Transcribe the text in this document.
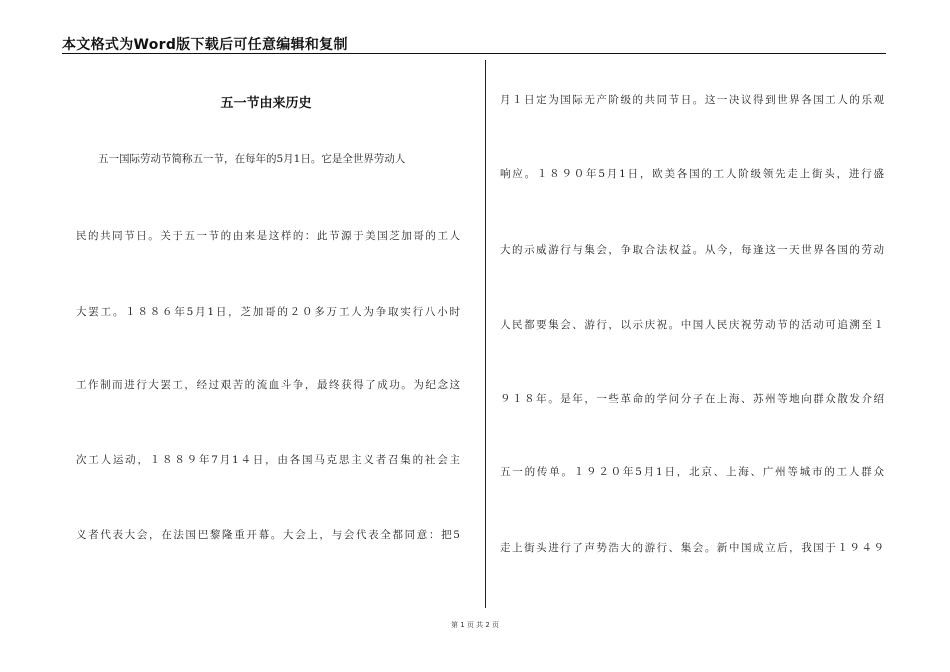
本文格式为Word版下载后可任意编辑和复制
五一节由来历史
五一国际劳动节简称五一节，在每年的5月1日。它是全世界劳动人
民的共同节日。关于五一节的由来是这样的：此节源于美国芝加哥的工人
大罢工。１８８６年5月1日，芝加哥的２０多万工人为争取实行八小时
工作制而进行大罢工，经过艰苦的流血斗争，最终获得了成功。为纪念这
次工人运动，１８８９年7月1４日，由各国马克思主义者召集的社会主
义者代表大会，在法国巴黎隆重开幕。大会上，与会代表全都同意：把5
月１日定为国际无产阶级的共同节日。这一决议得到世界各国工人的乐观
响应。１８９０年5月1日，欧美各国的工人阶级领先走上街头，进行盛
大的示威游行与集会，争取合法权益。从今，每逢这一天世界各国的劳动
人民都要集会、游行，以示庆祝。中国人民庆祝劳动节的活动可追溯至１
９１８年。是年，一些革命的学问分子在上海、苏州等地向群众散发介绍
五一的传单。１９２０年5月1日，北京、上海、广州等城市的工人群众
走上街头进行了声势浩大的游行、集会。新中国成立后，我国于１９４９
第 1 页 共 2 页
